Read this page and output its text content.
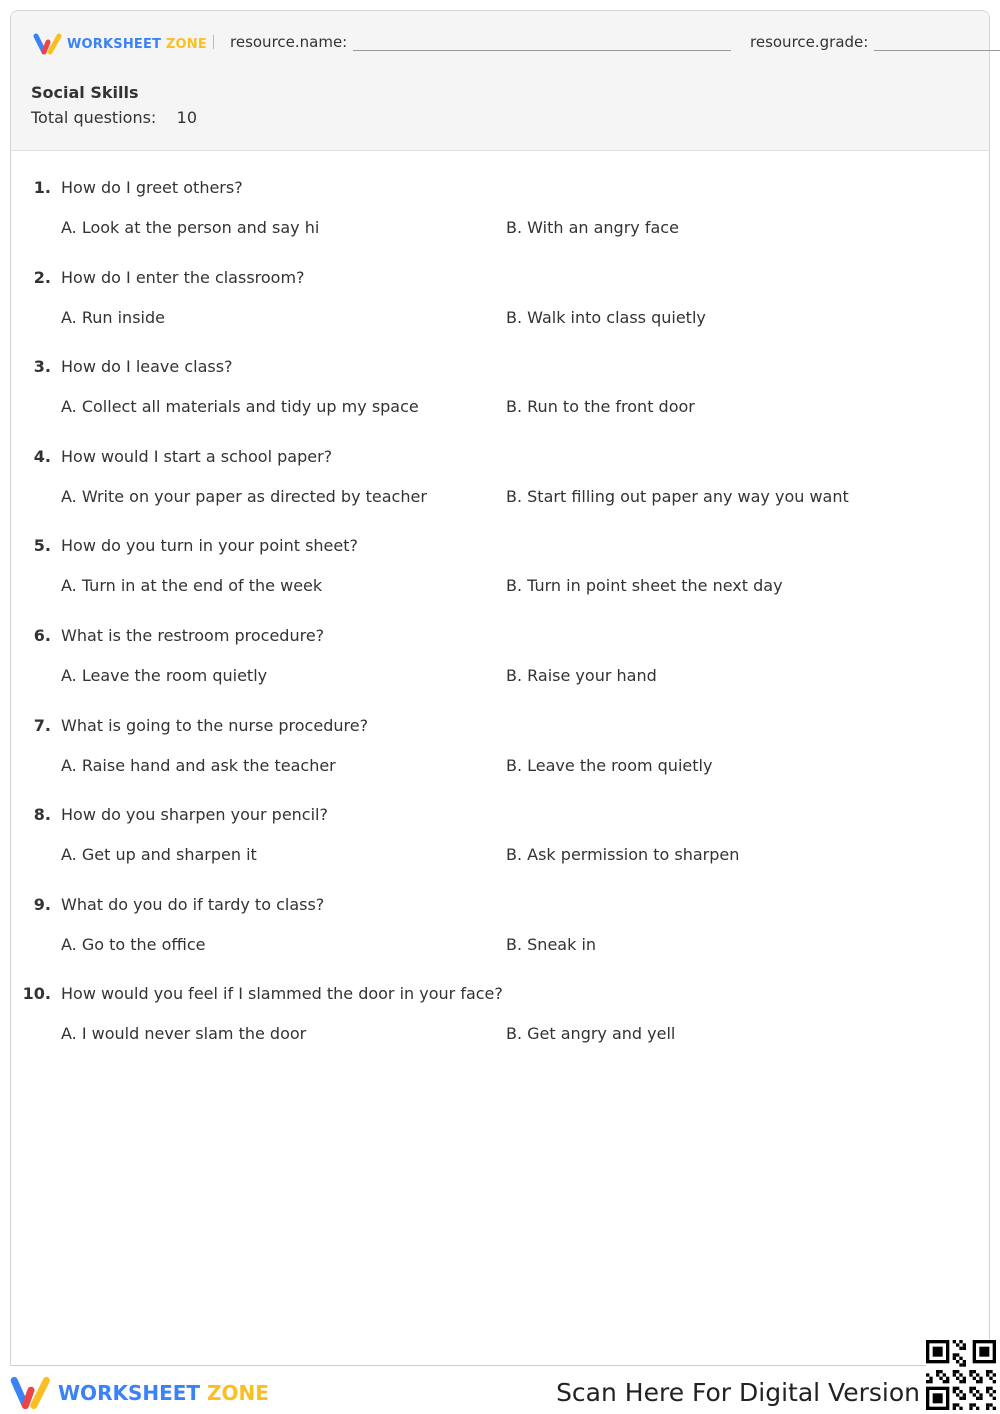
WORKSHEET ZONE resource.name:	resource.grade:
Social Skills
Total questions: 10
1. How do I greet others?
A. Look at the person and say hi	B. With an angry face
2. How do I enter the classroom?
A. Run inside	B. Walk into class quietly
3. How do I leave class?
A. Collect all materials and tidy up my space	B. Run to the front door
4. How would I start a school paper?
A. Write on your paper as directed by teacher	B. Start filling out paper any way you want
5. How do you turn in your point sheet?
A. Turn in at the end of the week	B. Turn in point sheet the next day
6. What is the restroom procedure?
A. Leave the room quietly	B. Raise your hand
7. What is going to the nurse procedure?
A. Raise hand and ask the teacher	B. Leave the room quietly
8. How do you sharpen your pencil?
A. Get up and sharpen it	B. Ask permission to sharpen
9. What do you do if tardy to class?
A. Go to the office	B. Sneak in
10. How would you feel if I slammed the door in your face?
A. I would never slam the door	B. Get angry and yell
WORKSHEET ZONE	Scan Here For Digital Version
